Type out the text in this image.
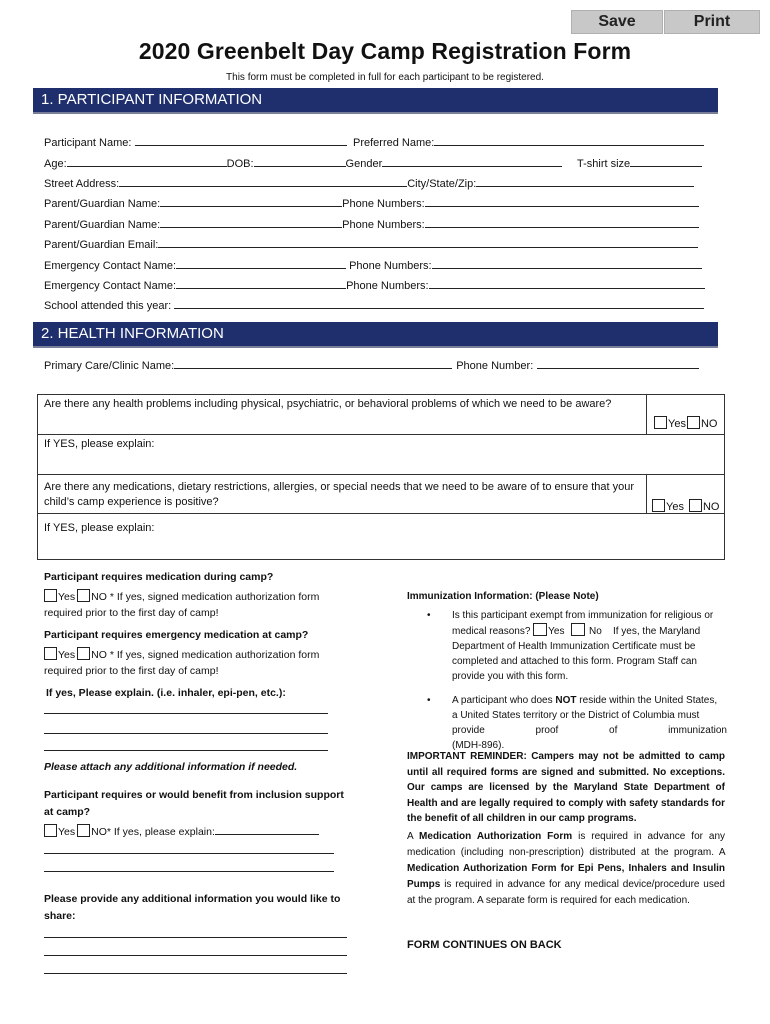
Save	Print
2020 Greenbelt Day Camp Registration Form
This form must be completed in full for each participant to be registered.
1. PARTICIPANT INFORMATION
Participant Name:	Preferred Name:
Age:	DOB:	Gender	T-shirt size
Street Address:	City/State/Zip:
Parent/Guardian Name:	Phone Numbers:
Parent/Guardian Name:	Phone Numbers:
Parent/Guardian Email:
Emergency Contact Name:	Phone Numbers:
Emergency Contact Name:	Phone Numbers:
School attended this year:
2. HEALTH INFORMATION
Primary Care/Clinic Name:	Phone Number:
Are there any health problems including physical, psychiatric, or behavioral problems of which we need to be aware?
Yes NO
If YES, please explain:
Are there any medications, dietary restrictions, allergies, or special needs that we need to be aware of to ensure that your child’s camp experience is positive?	Yes NO
If YES, please explain:
Participant requires medication during camp?
Yes NO * If yes, signed medication authorization form
required prior to the first day of camp!
Participant requires emergency medication at camp?
Yes NO * If yes, signed medication authorization form
required prior to the first day of camp!
If yes, Please explain. (i.e. inhaler, epi-pen, etc.):
Please attach any additional information if needed.
Participant requires or would benefit from inclusion support
at camp?
Yes NO* If yes, please explain:
Please provide any additional information you would like to
share:
Immunization Information: (Please Note)
• Is this participant exempt from immunization for religious or
medical reasons? Yes No If yes, the Maryland
Department of Health Immunization Certificate must be
completed and attached to this form. Program Staff can
provide you with this form.
• A participant who does NOT reside within the United States,
a United States territory or the District of Columbia must

provide	proof	of	immunization
(MDH-896).
IMPORTANT REMINDER: Campers may not be admitted to camp until all required forms are signed and submitted. No exceptions. Our camps are licensed by the Maryland State Department of Health and are legally required to comply with safety standards for the benefit of all children in our camp programs.
A Medication Authorization Form is required in advance for any medication (including non-prescription) distributed at the program. A Medication Authorization Form for Epi Pens, Inhalers and Insulin Pumps is required in advance for any medical device/procedure used at the program. A separate form is required for each medication.
FORM CONTINUES ON BACK
